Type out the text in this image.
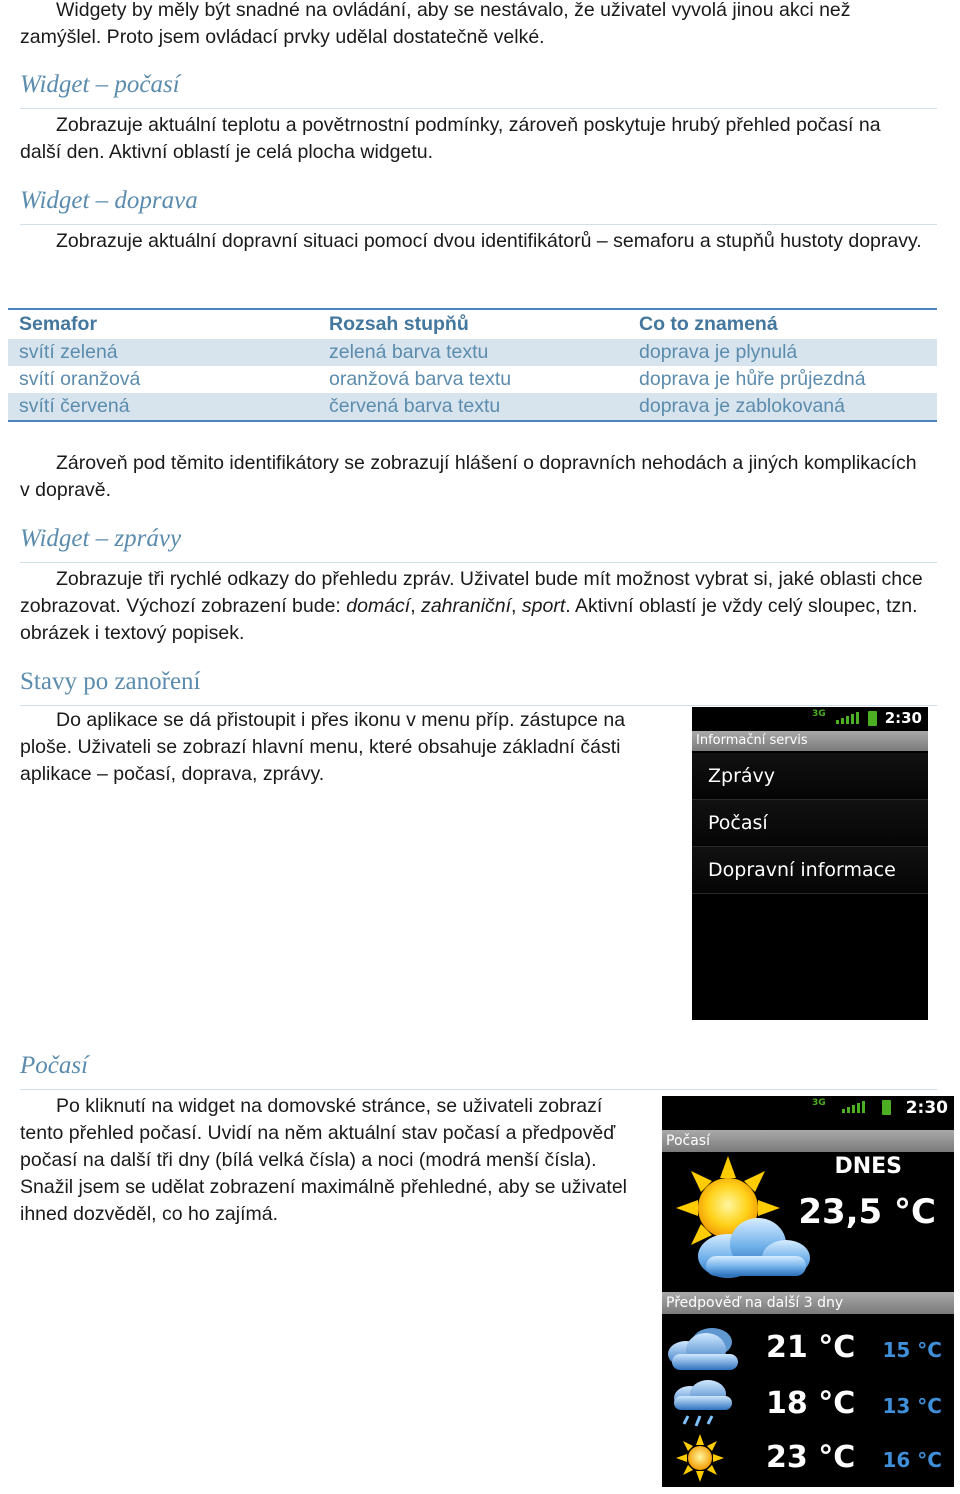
Widgety by měly být snadné na ovládání, aby se nestávalo, že uživatel vyvolá jinou akci než
zamýšlel. Proto jsem ovládací prvky udělal dostatečně velké.

Widget – počasí

Zobrazuje aktuální teplotu a povětrnostní podmínky, zároveň poskytuje hrubý přehled počasí na další den. Aktivní oblastí je celá plocha widgetu.

Widget – doprava

Zobrazuje aktuální dopravní situaci pomocí dvou identifikátorů – semaforu a stupňů hustoty dopravy.

Semafor	Rozsah stupňů	Co to znamená
svítí zelená	zelená barva textu	doprava je plynulá
svítí oranžová	oranžová barva textu	doprava je hůře průjezdná
svítí červená	červená barva textu	doprava je zablokovaná

Zároveň pod těmito identifikátory se zobrazují hlášení o dopravních nehodách a jiných komplikacích v dopravě.

Widget – zprávy

Zobrazuje tři rychlé odkazy do přehledu zpráv. Uživatel bude mít možnost vybrat si, jaké oblasti chce zobrazovat. Výchozí zobrazení bude: domácí, zahraniční, sport. Aktivní oblastí je vždy celý sloupec, tzn. obrázek i textový popisek.

Stavy po zanoření

Do aplikace se dá přistoupit i přes ikonu v menu příp. zástupce na ploše. Uživateli se zobrazí hlavní menu, které obsahuje základní části aplikace – počasí, doprava, zprávy.

3G	2:30
Informační servis
Zprávy
Počasí
Dopravní informace
Počasí

Po kliknutí na widget na domovské stránce, se uživateli zobrazí tento přehled počasí. Uvidí na něm aktuální stav počasí a předpověď počasí na další tři dny (bílá velká čísla) a noci (modrá menší čísla). Snažil jsem se udělat zobrazení maximálně přehledné, aby se uživatel ihned dozvěděl, co ho zajímá.

3G	2:30
Počasí
DNES
23,5 °C
Předpověď na další 3 dny
21 °C 15 °C
18 °C 13 °C
23 °C 16 °C
